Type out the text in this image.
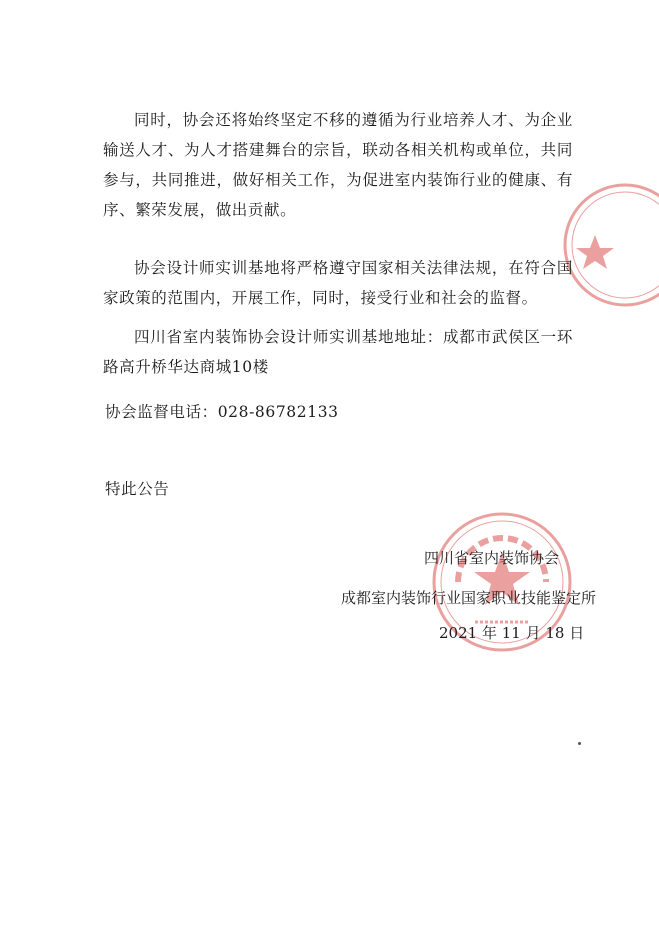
同时，协会还将始终坚定不移的遵循为行业培养人才、为企业输送人才、为人才搭建舞台的宗旨，联动各相关机构或单位，共同参与，共同推进，做好相关工作，为促进室内装饰行业的健康、有序、繁荣发展，做出贡献。

协会设计师实训基地将严格遵守国家相关法律法规，在符合国家政策的范围内，开展工作，同时，接受行业和社会的监督。

四川省室内装饰协会设计师实训基地地址：成都市武侯区一环路高升桥华达商城10楼

协会监督电话：028-86782133
特此公告
四川省室内装饰协会
成都室内装饰行业国家职业技能鉴定所
2021 年 11 月 18 日
